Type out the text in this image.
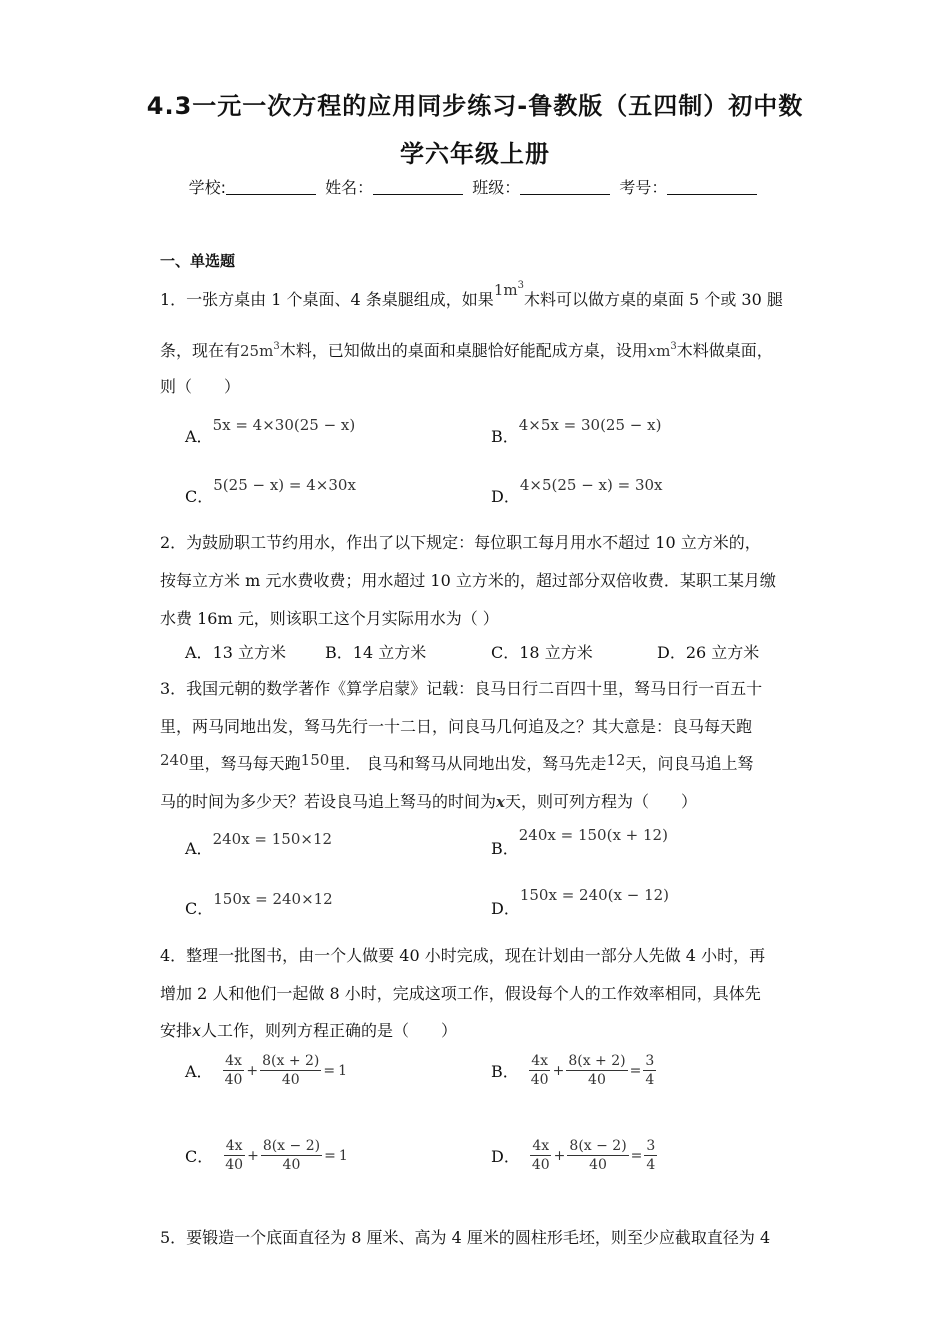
4.3一元一次方程的应用同步练习-鲁教版（五四制）初中数
学六年级上册
学校:	姓名：	班级：	考号：
一、单选题
1．一张方桌由 1 个桌面、4 条桌腿组成，如果$1m^3$木料可以做方桌的桌面 5 个或 30 腿
条，现在有$25m^3$木料，已知做出的桌面和桌腿恰好能配成方桌，设用$xm^3$木料做桌面，
则（　　）
A．5x = 4×30(25 − x)
B．4×5x = 30(25 − x)
C．5(25 − x) = 4×30x
D．4×5(25 − x) = 30x
2．为鼓励职工节约用水，作出了以下规定：每位职工每月用水不超过 10 立方米的，
按每立方米 m 元水费收费；用水超过 10 立方米的，超过部分双倍收费．某职工某月缴
水费 16m 元，则该职工这个月实际用水为（ ）
A．13 立方米 B．14 立方米	C．18 立方米	D．26 立方米
3．我国元朝的数学著作《算学启蒙》记载：良马日行二百四十里，驽马日行一百五十
里，两马同地出发，驽马先行一十二日，问良马几何追及之？其大意是：良马每天跑
240里，驽马每天跑150里． 良马和驽马从同地出发，驽马先走12天，问良马追上驽
马的时间为多少天？若设良马追上驽马的时间为x天，则可列方程为（　　）
A．240x = 150×12	B．240x = 150(x + 12)
C．150x = 240×12	D．150x = 240(x − 12)
4．整理一批图书，由一个人做要 40 小时完成，现在计划由一部分人先做 4 小时，再
增加 2 人和他们一起做 8 小时，完成这项工作，假设每个人的工作效率相同，具体先
安排x人工作，则列方程正确的是（　　）
A． $\frac{4x}{40} + \frac{8(x + 2)}{40} = 1$	B． $\frac{4x}{40} + \frac{8(x + 2)}{40} = \frac{3}{4}$
C． $\frac{4x}{40} + \frac{8(x - 2)}{40} = 1$	D． $\frac{4x}{40} + \frac{8(x - 2)}{40} = \frac{3}{4}$
5．要锻造一个底面直径为 8 厘米、高为 4 厘米的圆柱形毛坯，则至少应截取直径为 4
